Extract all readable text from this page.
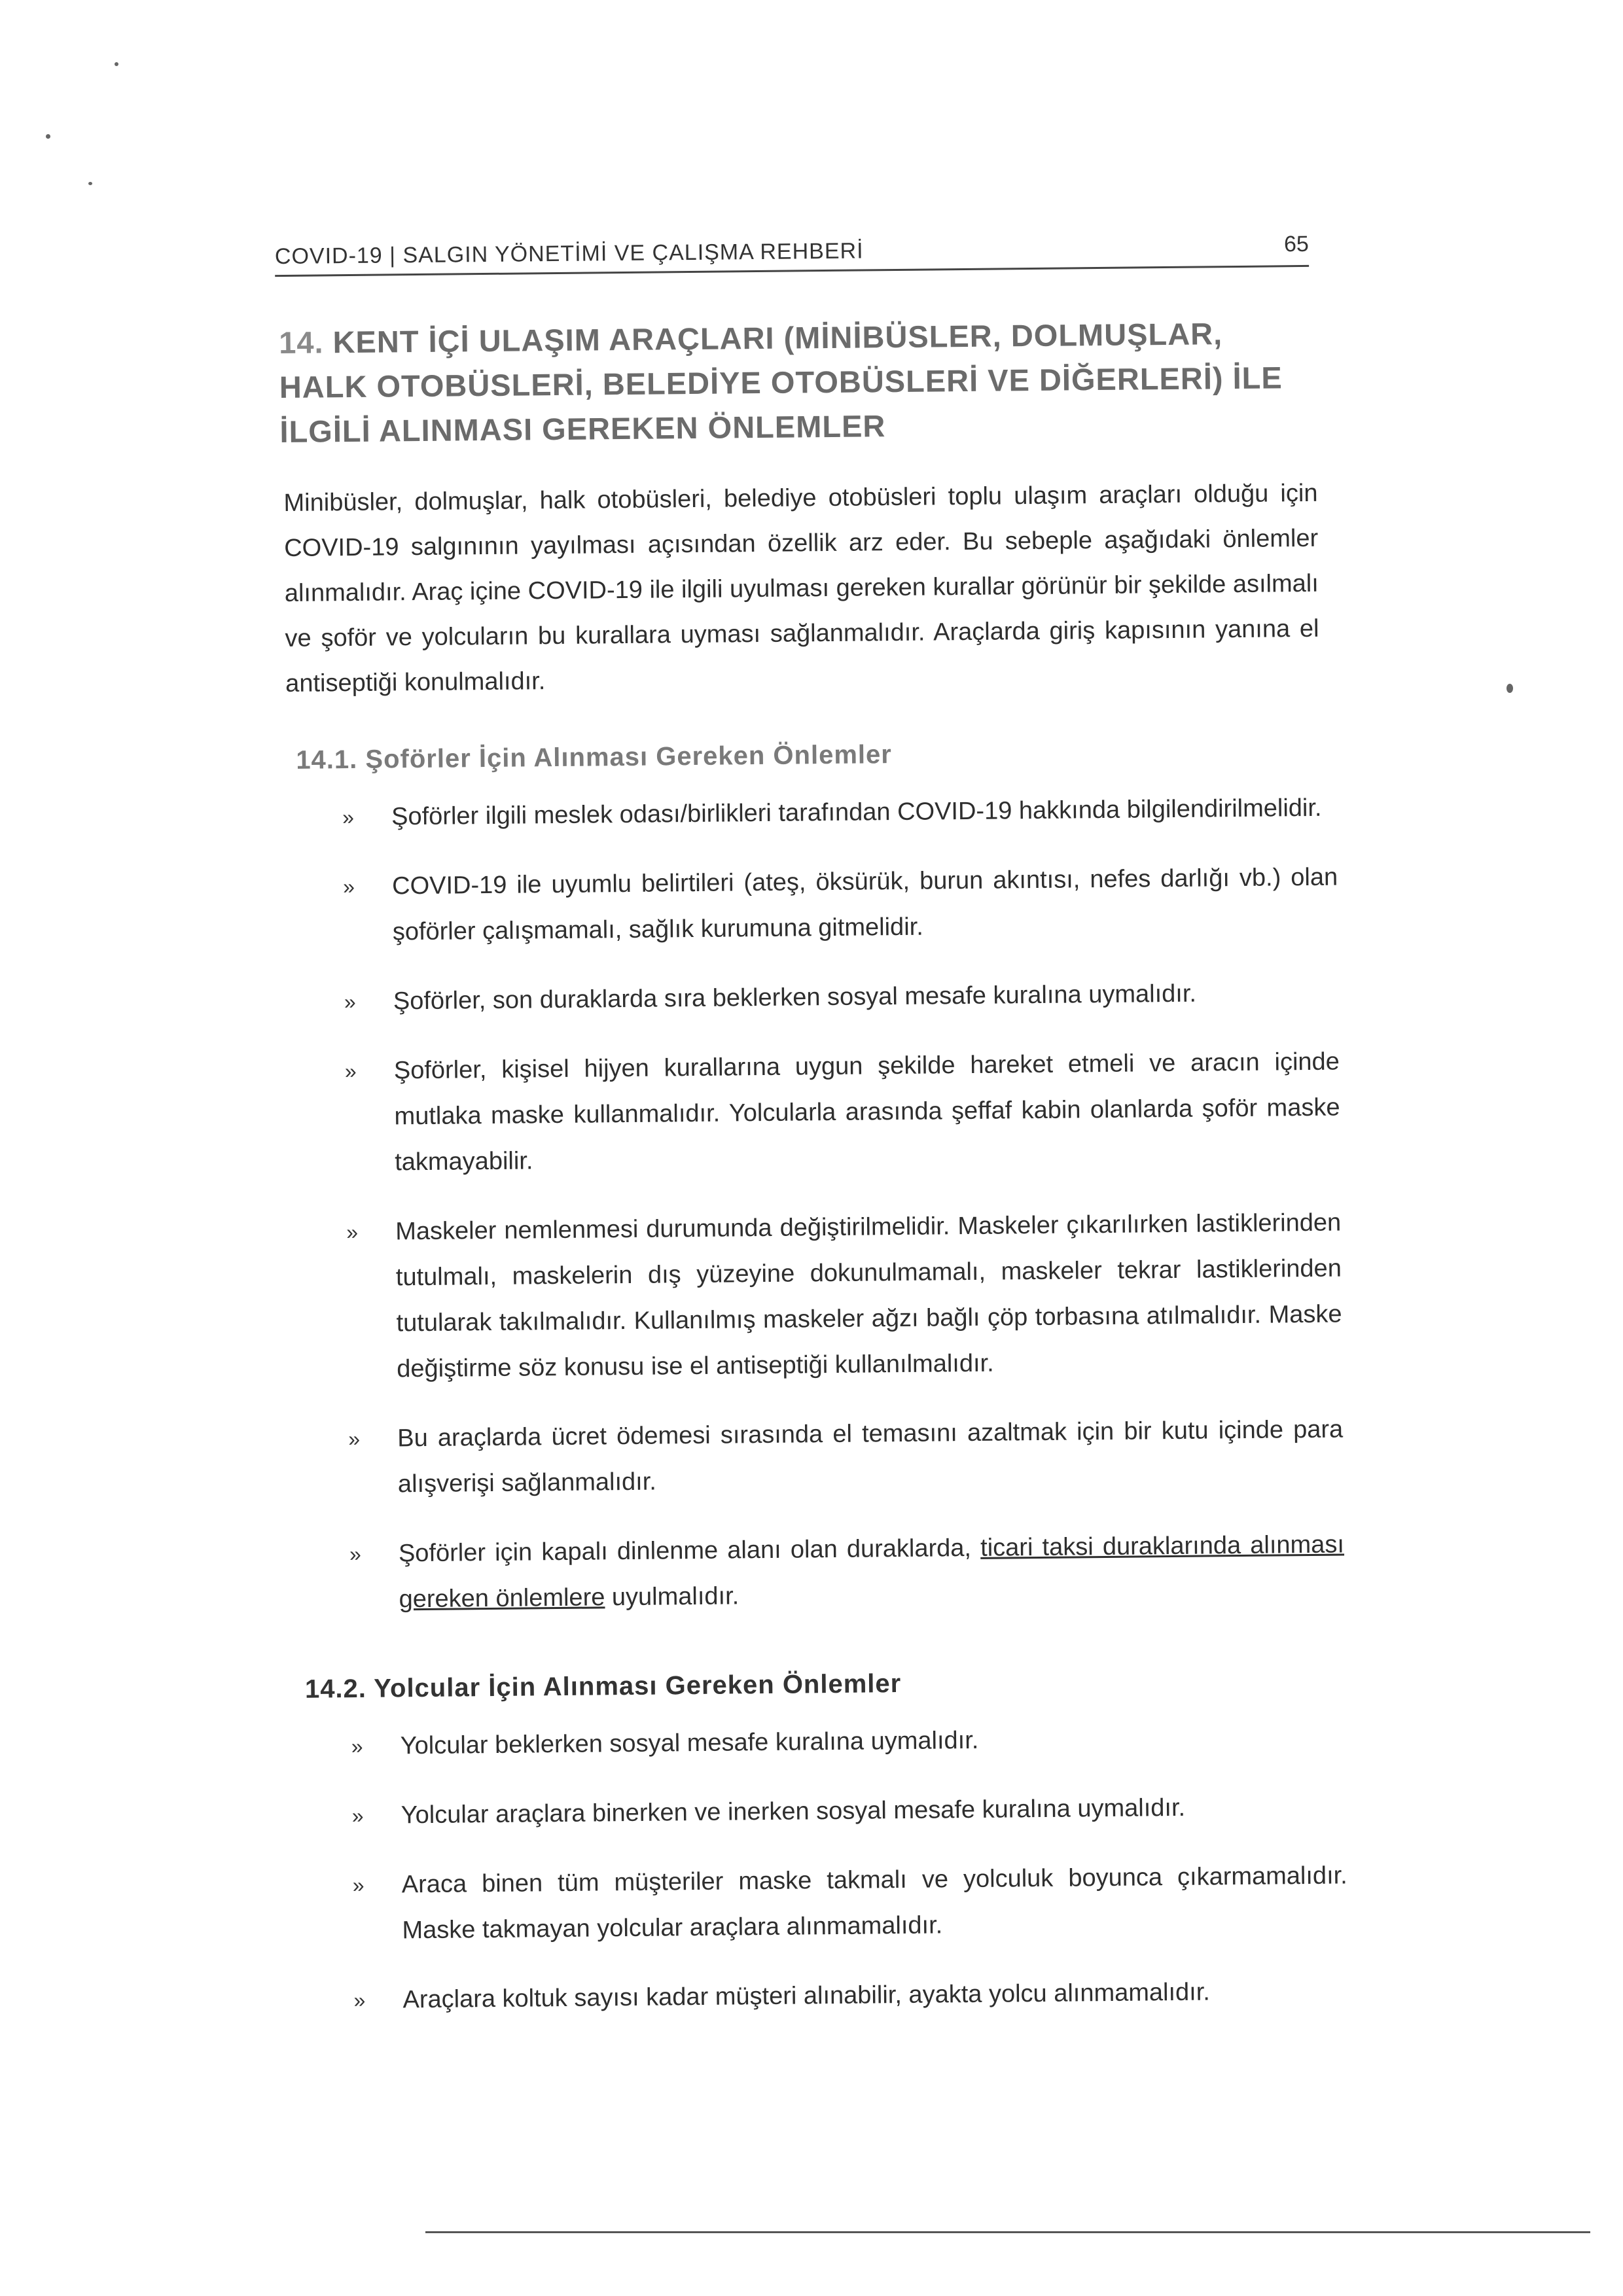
COVID-19 | SALGIN YÖNETİMİ VE ÇALIŞMA REHBERİ	65
14. KENT İÇİ ULAŞIM ARAÇLARI (MİNİBÜSLER, DOLMUŞLAR, HALK OTOBÜSLERİ, BELEDİYE OTOBÜSLERİ VE DİĞERLERİ) İLE İLGİLİ ALINMASI GEREKEN ÖNLEMLER
Minibüsler, dolmuşlar, halk otobüsleri, belediye otobüsleri toplu ulaşım araçları olduğu için COVID-19 salgınının yayılması açısından özellik arz eder. Bu sebeple aşağıdaki önlemler alınmalıdır. Araç içine COVID-19 ile ilgili uyulması gereken kurallar görünür bir şekilde asılmalı ve şoför ve yolcuların bu kurallara uyması sağlanmalıdır. Araçlarda giriş kapısının yanına el antiseptiği konulmalıdır.
14.1. Şoförler İçin Alınması Gereken Önlemler
» Şoförler ilgili meslek odası/birlikleri tarafından COVID-19 hakkında bilgilendirilmelidir.
» COVID-19 ile uyumlu belirtileri (ateş, öksürük, burun akıntısı, nefes darlığı vb.) olan şoförler çalışmamalı, sağlık kurumuna gitmelidir.
» Şoförler, son duraklarda sıra beklerken sosyal mesafe kuralına uymalıdır.
» Şoförler, kişisel hijyen kurallarına uygun şekilde hareket etmeli ve aracın içinde mutlaka maske kullanmalıdır. Yolcularla arasında şeffaf kabin olanlarda şoför maske takmayabilir.
» Maskeler nemlenmesi durumunda değiştirilmelidir. Maskeler çıkarılırken lastiklerinden tutulmalı, maskelerin dış yüzeyine dokunulmamalı, maskeler tekrar lastiklerinden tutularak takılmalıdır. Kullanılmış maskeler ağzı bağlı çöp torbasına atılmalıdır. Maske değiştirme söz konusu ise el antiseptiği kullanılmalıdır.
» Bu araçlarda ücret ödemesi sırasında el temasını azaltmak için bir kutu içinde para alışverişi sağlanmalıdır.
» Şoförler için kapalı dinlenme alanı olan duraklarda, ticari taksi duraklarında alınması gereken önlemlere uyulmalıdır.
14.2. Yolcular İçin Alınması Gereken Önlemler
» Yolcular beklerken sosyal mesafe kuralına uymalıdır.
» Yolcular araçlara binerken ve inerken sosyal mesafe kuralına uymalıdır.
» Araca binen tüm müşteriler maske takmalı ve yolculuk boyunca çıkarmamalıdır. Maske takmayan yolcular araçlara alınmamalıdır.
» Araçlara koltuk sayısı kadar müşteri alınabilir, ayakta yolcu alınmamalıdır.
